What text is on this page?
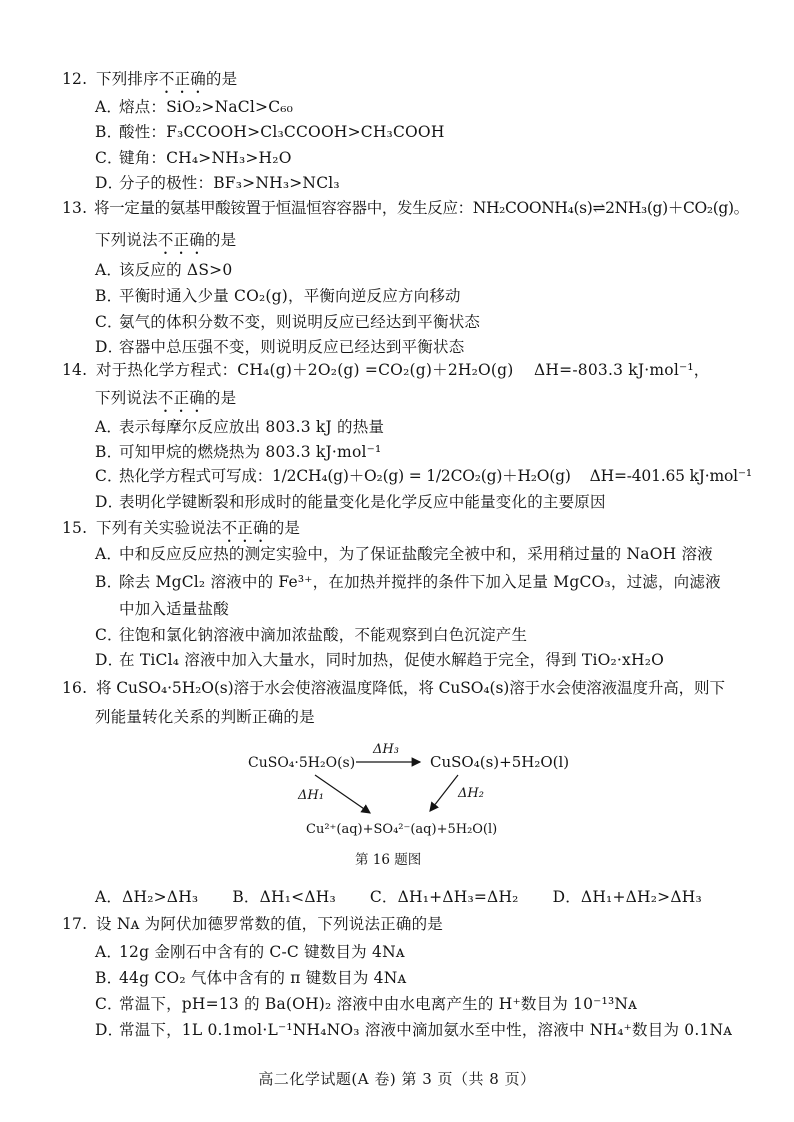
12. 下列排序不正确的是
A．熔点：SiO₂>NaCl>C₆₀
B．酸性：F₃CCOOH>Cl₃CCOOH>CH₃COOH
C．键角：CH₄>NH₃>H₂O
D．分子的极性：BF₃>NH₃>NCl₃
13. 将一定量的氨基甲酸铵置于恒温恒容容器中，发生反应：NH₂COONH₄(s)⇌2NH₃(g)＋CO₂(g)。
下列说法不正确的是
A．该反应的 ΔS>0
B．平衡时通入少量 CO₂(g)，平衡向逆反应方向移动
C．氨气的体积分数不变，则说明反应已经达到平衡状态
D．容器中总压强不变，则说明反应已经达到平衡状态
14. 对于热化学方程式：CH₄(g)＋2O₂(g) =CO₂(g)＋2H₂O(g)    ΔH=-803.3 kJ·mol⁻¹，
下列说法不正确的是
A．表示每摩尔反应放出 803.3 kJ 的热量
B．可知甲烷的燃烧热为 803.3 kJ·mol⁻¹
C．热化学方程式可写成：1/2CH₄(g)＋O₂(g) = 1/2CO₂(g)＋H₂O(g)    ΔH=-401.65 kJ·mol⁻¹
D．表明化学键断裂和形成时的能量变化是化学反应中能量变化的主要原因
15. 下列有关实验说法不正确的是
A．中和反应反应热的测定实验中，为了保证盐酸完全被中和，采用稍过量的 NaOH 溶液
B．除去 MgCl₂ 溶液中的 Fe³⁺，在加热并搅拌的条件下加入足量 MgCO₃，过滤，向滤液
中加入适量盐酸
C．往饱和氯化钠溶液中滴加浓盐酸，不能观察到白色沉淀产生
D．在 TiCl₄ 溶液中加入大量水，同时加热，促使水解趋于完全，得到 TiO₂·xH₂O
16. 将 CuSO₄·5H₂O(s)溶于水会使溶液温度降低，将 CuSO₄(s)溶于水会使溶液温度升高，则下
列能量转化关系的判断正确的是
CuSO₄·5H₂O(s)	CuSO₄(s)+5H₂O(l)
Cu²⁺(aq)+SO₄²⁻(aq)+5H₂O(l)
ΔH₃
ΔH₁	ΔH₂
第 16 题图
A．ΔH₂>ΔH₃ B．ΔH₁<ΔH₃ C．ΔH₁+ΔH₃=ΔH₂ D．ΔH₁+ΔH₂>ΔH₃
17. 设 Nᴀ 为阿伏加德罗常数的值，下列说法正确的是
A．12g 金刚石中含有的 C-C 键数目为 4Nᴀ
B．44g CO₂ 气体中含有的 π 键数目为 4Nᴀ
C．常温下，pH=13 的 Ba(OH)₂ 溶液中由水电离产生的 H⁺数目为 10⁻¹³Nᴀ
D．常温下，1L 0.1mol·L⁻¹NH₄NO₃ 溶液中滴加氨水至中性，溶液中 NH₄⁺数目为 0.1Nᴀ
高二化学试题(A 卷) 第 3 页（共 8 页）
